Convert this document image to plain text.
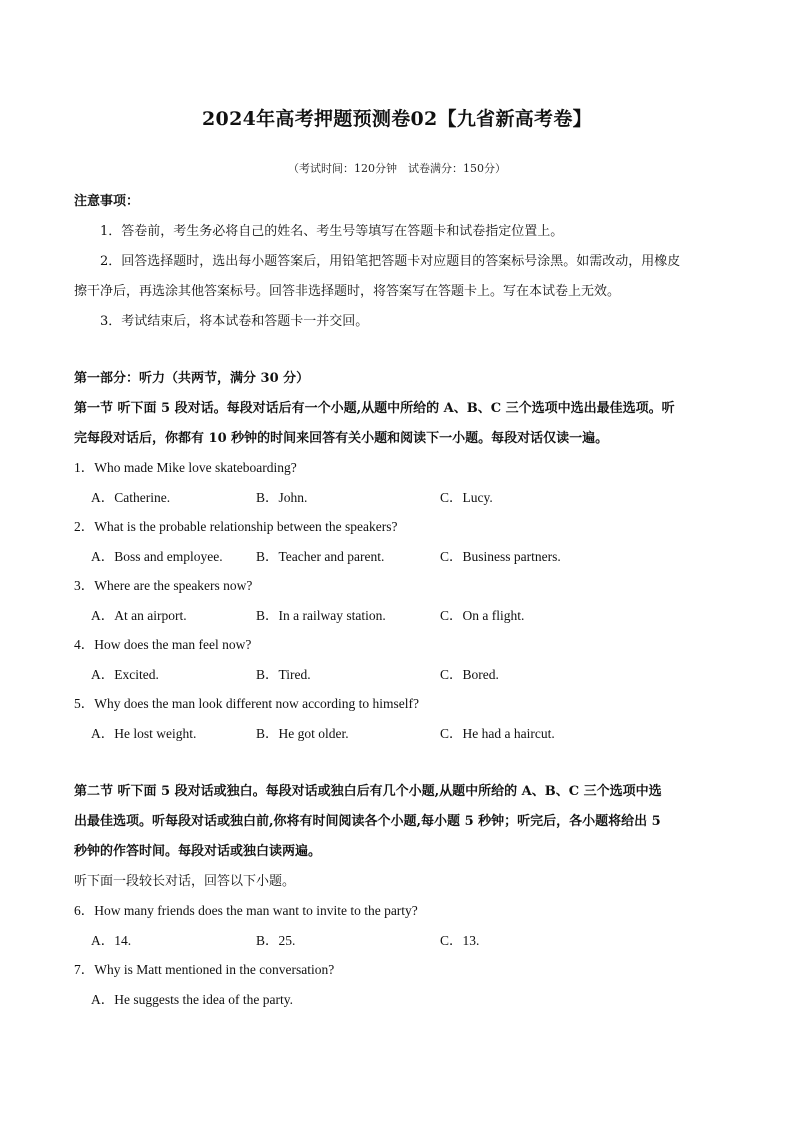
2024年高考押题预测卷02【九省新高考卷】
（考试时间：120分钟　试卷满分：150分）
注意事项：
1．答卷前，考生务必将自己的姓名、考生号等填写在答题卡和试卷指定位置上。
2．回答选择题时，选出每小题答案后，用铅笔把答题卡对应题目的答案标号涂黑。如需改动，用橡皮
擦干净后，再选涂其他答案标号。回答非选择题时，将答案写在答题卡上。写在本试卷上无效。
3．考试结束后，将本试卷和答题卡一并交回。
第一部分：听力（共两节，满分 30 分）
第一节 听下面 5 段对话。每段对话后有一个小题,从题中所给的 A、B、C 三个选项中选出最佳选项。听
完每段对话后，你都有 10 秒钟的时间来回答有关小题和阅读下一小题。每段对话仅读一遍。
1．Who made Mike love skateboarding?
A．Catherine.	B．John.	C．Lucy.
2．What is the probable relationship between the speakers?
A．Boss and employee. B．Teacher and parent.	C．Business partners.
3．Where are the speakers now?
A．At an airport.	B．In a railway station.	C．On a flight.
4．How does the man feel now?
A．Excited.	B．Tired.	C．Bored.
5．Why does the man look different now according to himself?
A．He lost weight.	B．He got older.	C．He had a haircut.
第二节 听下面 5 段对话或独白。每段对话或独白后有几个小题,从题中所给的 A、B、C 三个选项中选
出最佳选项。听每段对话或独白前,你将有时间阅读各个小题,每小题 5 秒钟；听完后，各小题将给出 5
秒钟的作答时间。每段对话或独白读两遍。
听下面一段较长对话，回答以下小题。
6．How many friends does the man want to invite to the party?
A．14.	B．25.	C．13.
7．Why is Matt mentioned in the conversation?
A．He suggests the idea of the party.
